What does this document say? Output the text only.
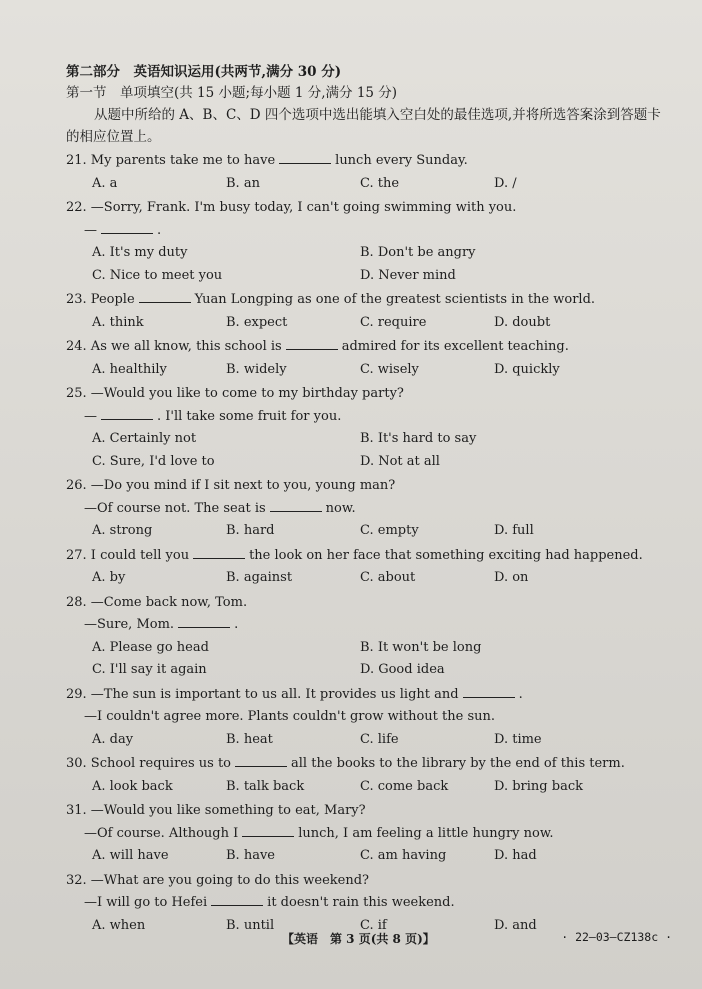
第二部分　英语知识运用(共两节,满分 30 分)
第一节　单项填空(共 15 小题;每小题 1 分,满分 15 分)

从题中所给的 A、B、C、D 四个选项中选出能填入空白处的最佳选项,并将所选答案涂到答题卡的相应位置上。

21. My parents take me to have	lunch every Sunday.
A. a	B. an	C. the	D. /
22. —Sorry, Frank. I'm busy today, I can't going swimming with you.
—	.
A. It's my duty	B. Don't be angry
C. Nice to meet you	D. Never mind
23. People	Yuan Longping as one of the greatest scientists in the world.
A. think	B. expect	C. require	D. doubt
24. As we all know, this school is	admired for its excellent teaching.
A. healthily	B. widely	C. wisely	D. quickly
25. —Would you like to come to my birthday party?
—	. I'll take some fruit for you.
A. Certainly not	B. It's hard to say
C. Sure, I'd love to	D. Not at all
26. —Do you mind if I sit next to you, young man?
—Of course not. The seat is	now.
A. strong	B. hard	C. empty	D. full
27. I could tell you	the look on her face that something exciting had happened.
A. by	B. against	C. about	D. on
28. —Come back now, Tom.
—Sure, Mom.	.
A. Please go head	B. It won't be long
C. I'll say it again	D. Good idea
29. —The sun is important to us all. It provides us light and	.
—I couldn't agree more. Plants couldn't grow without the sun.
A. day	B. heat	C. life	D. time
30. School requires us to	all the books to the library by the end of this term.
A. look back	B. talk back	C. come back	D. bring back
31. —Would you like something to eat, Mary?
—Of course. Although I	lunch, I am feeling a little hungry now.
A. will have	B. have	C. am having	D. had
32. —What are you going to do this weekend?
—I will go to Hefei	it doesn't rain this weekend.
A. when	B. until	C. if	D. and
【英语　第 3 页(共 8 页)】	· 22—03—CZ138c ·
